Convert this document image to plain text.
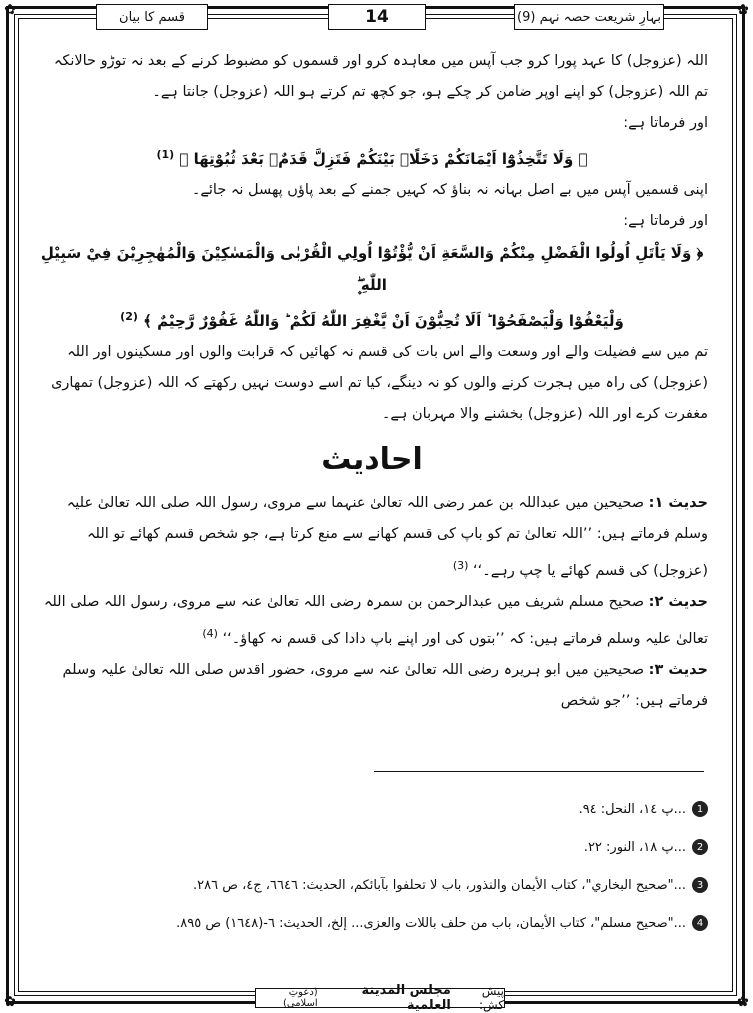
✿	✿
✿	✿
قسم کا بیان	14	بہارِ شریعت حصہ نہم (9)

اللہ (عزوجل) کا عہد پورا کرو جب آپس میں معاہدہ کرو اور قسموں کو مضبوط کرنے کے بعد نہ توڑو حالانکہ تم اللہ (عزوجل) کو اپنے اوپر ضامن کر چکے ہو، جو کچھ تم کرتے ہو اللہ (عزوجل) جانتا ہے۔

اور فرماتا ہے:

﴿ وَلَا تَتَّخِذُوْٓا اَيْمَانَكُمْ دَخَلًاۢ بَيْنَكُمْ فَتَزِلَّ قَدَمٌۢ بَعْدَ ثُبُوْتِهَا ﴾ $^{(1)}$

اپنی قسمیں آپس میں بے اصل بہانہ نہ بناؤ کہ کہیں جمنے کے بعد پاؤں پھسل نہ جائے۔

اور فرماتا ہے:

﴿ وَلَا يَاْتَلِ اُولُوا الْفَضْلِ مِنْكُمْ وَالسَّعَةِ اَنْ يُّؤْتُوْٓا اُولِي الْقُرْبٰى وَالْمَسٰكِيْنَ وَالْمُهٰجِرِيْنَ فِيْ سَبِيْلِ اللّٰهِ ۪ۖ

وَلْيَعْفُوْا وَلْيَصْفَحُوْا ؕ اَلَا تُحِبُّوْنَ اَنْ يَّغْفِرَ اللّٰهُ لَكُمْ ؕ وَاللّٰهُ غَفُوْرٌ رَّحِيْمٌ ﴾ $^{(2)}$

تم میں سے فضیلت والے اور وسعت والے اس بات کی قسم نہ کھائیں کہ قرابت والوں اور مسکینوں اور اللہ (عزوجل) کی راہ میں ہجرت کرنے والوں کو نہ دینگے، کیا تم اسے دوست نہیں رکھتے کہ اللہ (عزوجل) تمھاری مغفرت کرے اور اللہ (عزوجل) بخشنے والا مہربان ہے۔

احادیث

حدیث ۱: صحیحین میں عبداللہ بن عمر رضی اللہ تعالیٰ عنہما سے مروی، رسول اللہ صلی اللہ تعالیٰ علیہ وسلم فرماتے ہیں: ’’اللہ تعالیٰ تم کو باپ کی قسم کھانے سے منع کرتا ہے، جو شخص قسم کھائے تو اللہ (عزوجل) کی قسم کھائے یا چپ رہے۔‘‘ $^{(3)}$

حدیث ۲: صحیح مسلم شریف میں عبدالرحمن بن سمرہ رضی اللہ تعالیٰ عنہ سے مروی، رسول اللہ صلی اللہ تعالیٰ علیہ وسلم فرماتے ہیں: کہ ’’بتوں کی اور اپنے باپ دادا کی قسم نہ کھاؤ۔‘‘ $^{(4)}$

حدیث ۳: صحیحین میں ابو ہریرہ رضی اللہ تعالیٰ عنہ سے مروی، حضور اقدس صلی اللہ تعالیٰ علیہ وسلم فرماتے ہیں: ’’جو شخص

1
...پ ١٤، النحل: ٩٤.
2
...پ ١٨، النور: ٢٢.
3
..."صحيح البخاري"، كتاب الأيمان والنذور، باب لا تحلفوا بآبائكم، الحديث: ٦٦٤٦، ج٤، ص ٢٨٦.
4
..."صحيح مسلم"، كتاب الأيمان، باب من حلف باللات والعزى... إلخ، الحديث: ٦-(١٦٤٨) ص ٨٩٥.
پیش کش:
مجلس المدينة العلمية
(دعوتِ اسلامی)
